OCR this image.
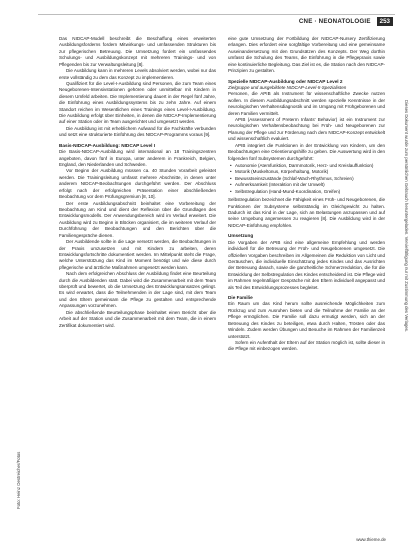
CNE · NEONATOLOGIE	253

Das NIDCAP-Modell beschreibt die Beschaffung eines erweiterten Ausbildungsforderns fordern Mitwirkungs- und umfassenden Strukturen bis zur pflegerischen Betreuung. Die Umsetzung fordert ein umfassendes Schulungs- und Ausbildungskonzept mit mehreren Trainings- und von Pflegenden bis zur Verwaltungsleitung [8].

Die Ausbildung kann in mehreren Levels absolviert werden, wobei nur das erste vollständig zu dem das Konzept zu implementieren.

Qualifiziert für die Level-I-Ausbildung sind Personen, die zum Team eines Neugeborenen-Intensivstationen gehören oder unmittelbar mit Kindern in diesem Umfeld arbeiten. Die Implementierung dauert in der Regel fünf Jahre, die Einführung eines Ausbildungssystems bis zu zehn Jahre. Auf einem Standort reichen im Wesentlichen eines Trainings eines Level-I-Ausbildung. Die Ausbildung erfolgt über Einheiten, in denen die NIDCAP-Implementierung auf einer Station oder im Team ausgerichtet und umgesetzt werden.

Die Ausbildung ist mit erheblichem Aufwand für die Fachkräfte verbunden und setzt eine strukturierte Einführung des NIDCAP-Programms voraus [9].

Basis-NIDCAP-Ausbildung: NIDCAP Level I

Die Basis-NIDCAP-Ausbildung wird international an 18 Trainingszentren angeboten, davon fünf in Europa, unter anderem in Frankreich, Belgien, England, den Niederlanden und Schweden.

Vor Beginn der Ausbildung müssen ca. 40 Stunden Vorarbeit geleistet werden. Die Trainingsleitung umfasst mehrere Abschnitte, in denen unter anderem NIDCAP-Beobachtungen durchgeführt werden. Der Abschluss erfolgt nach der erfolgreichen Präsentation einer abschließenden Beobachtung vor dem Prüfungsgremium [8, 10].

Der erste Ausbildungsabschnitt beinhaltet eine Vorbereitung der Beobachtung am Kind und dient der Reflexion über die Grundlagen des Entwicklungsmodells. Der Anwendungsbereich wird im Verlauf erweitert. Die Ausbildung wird zu Beginn in Blöcken organisiert, die im weiteren Verlauf der Durchführung der Beobachtungen und den Berichten über die Familiengespräche dienen.

Der Ausbildende sollte in die Lage versetzt werden, die Beobachtungen in der Praxis umzusetzen und mit Kindern zu arbeiten, deren Entwicklungsfortschritte dokumentiert werden. Im Mittelpunkt steht die Frage, welche Unterstützung das Kind im Moment benötigt und wie diese durch pflegerische und ärztliche Maßnahmen umgesetzt werden kann.

Nach dem erfolgreichen Abschluss der Ausbildung findet eine Beurteilung durch die Ausbildenden statt. Dabei wird die Zusammenarbeit mit dem Team überprüft und bewertet, ob die Umsetzung des Entwicklungsansatzes gelingt. Es wird erwartet, dass die Teilnehmenden in der Lage sind, mit dem Team und den Eltern gemeinsam die Pflege zu gestalten und entsprechende Anpassungen vorzunehmen.

Die abschließende Beurteilungsphase beinhaltet einen Bericht über die Arbeit auf der Station und die Zusammenarbeit mit dem Team, die in einem Zertifikat dokumentiert wird.

eine gute Umsetzung der Fortbildung der NIDCAP-Nursery Zertifizierung erlangen. Dies erfordert eine sorgfältige Vorbereitung und eine gemeinsame Auseinandersetzung mit den Grundsätzen des Konzepts. Der Weg dorthin umfasst die Schulung des Teams, die Einführung in die Pflegepraxis sowie eine kontinuierliche Begleitung. Das Ziel ist es, die Station nach den NIDCAP-Prinzipien zu gestalten.

Spezielle NIDCAP-Ausbildung oder NIDCAP Level 2

Zielgruppe und ausgebildete NIDCAP-Level-II-Spezialisten

Personen, die APIB als Instrument für wissenschaftliche Zwecke nutzen wollen. In diesem Ausbildungsabschnitt werden spezielle Kenntnisse in der neurologischen Verhaltensdiagnostik und im Umgang mit Frühgeborenen und deren Familien vermittelt.

APIB (Assessment of Preterm Infants' Behavior) ist ein Instrument zur neurologischen Verhaltensbeobachtung bei Früh- und Neugeborenen zur Planung der Pflege und zur Förderung nach dem NIDCAP-Konzept entwickelt und wissenschaftlich evaluiert.

APIB integriert die Funktionen in der Entwicklung von Kindern, um den Beobachtungen eine Orientierungshilfe zu geben. Die Auswertung wird in den folgenden fünf Subsystemen durchgeführt:

• Autonomie (Atemfunktion, Darmmotorik, Herz- und Kreislauffunktion)
• Motorik (Muskeltonus, Körperhaltung, Motorik)
• Bewusstseinszustände (Schlaf-Wach-Rhythmus, Schreien)
• Aufmerksamkeit (Interaktion mit der Umwelt)
• Selbstregulation (Hand-Mund-Koordination, Greifen)

Selbstregulation bezeichnet die Fähigkeit eines Früh- und Neugeborenen, die Funktionen der Subsysteme selbstständig im Gleichgewicht zu halten. Dadurch ist das Kind in der Lage, sich an Belastungen anzupassen und auf seine Umgebung angemessen zu reagieren [8]. Die Ausbildung wird in der NIDCAP-Einführung empfohlen.

Umsetzung

Die Vorgaben der APIB sind eine allgemeine Empfehlung und werden individuell für die Betreuung der Früh- und Neugeborenen umgesetzt. Die offiziellen Vorgaben beschreiben im Allgemeinen die Reduktion von Licht und Geräuschen, die individuelle Einschätzung jedes Kindes und das Ausrichten der Betreuung danach, sowie die ganzheitliche Schmerzreduktion, die für die Entwicklung der Selbstregulation des Kindes entscheidend ist. Die Pflege wird im Rahmen regelmäßiger Gespräche mit den Eltern individuell angepasst und als Teil des Entwicklungsprozesses begleitet.

Die Familie

Ein Raum um das Kind herum sollte ausreichende Möglichkeiten zum Rückzug und zum Ausruhen bieten und die Teilnahme der Familie an der Pflege ermöglichen. Die Familie soll dazu ermutigt werden, sich an der Betreuung des Kindes zu beteiligen, etwa durch Halten, Trösten oder das Windeln. Zudem werden Übungen und Besuche im Rahmen der Familienzeit unterstützt.

Sofern ein Aufenthalt der Eltern auf der Station möglich ist, sollte dieser in die Pflege mit einbezogen werden.

Foto: Heinz Oestreicher/Fotos
Dieses Dokument wurde zum persönlichen Gebrauch heruntergeladen. Vervielfältigung nur mit Zustimmung des Verlages.
www.thieme.de
